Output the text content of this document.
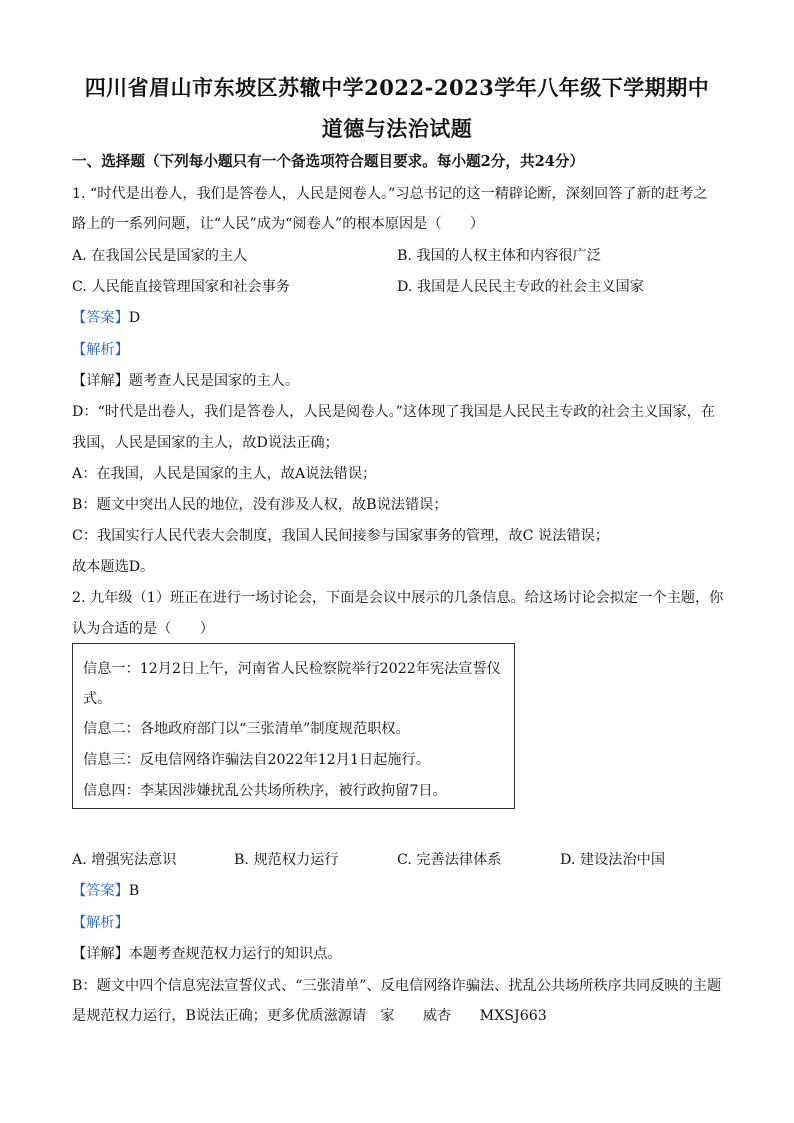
四川省眉山市东坡区苏辙中学2022-2023学年八年级下学期期中
道德与法治试题
一、选择题（下列每小题只有一个备选项符合题目要求。每小题2分，共24分）
1. “时代是出卷人，我们是答卷人，人民是阅卷人。”习总书记的这一精辟论断，深刻回答了新的赶考之
路上的一系列问题，让“人民”成为“阅卷人”的根本原因是（　　）
A. 在我国公民是国家的主人	B. 我国的人权主体和内容很广泛
C. 人民能直接管理国家和社会事务	D. 我国是人民民主专政的社会主义国家
【答案】D
【解析】
【详解】题考查人民是国家的主人。
D：“时代是出卷人，我们是答卷人，人民是阅卷人。”这体现了我国是人民民主专政的社会主义国家，在
我国，人民是国家的主人，故D说法正确；
A：在我国，人民是国家的主人，故A说法错误；
B：题文中突出人民的地位，没有涉及人权，故B说法错误；
C：我国实行人民代表大会制度，我国人民间接参与国家事务的管理，故C 说法错误；
故本题选D。
2. 九年级（1）班正在进行一场讨论会，下面是会议中展示的几条信息。给这场讨论会拟定一个主题，你
认为合适的是（　　）
信息一：12月2日上午，河南省人民检察院举行2022年宪法宣誓仪
式。
信息二：各地政府部门以“三张清单”制度规范职权。
信息三：反电信网络诈骗法自2022年12月1日起施行。
信息四：李某因涉嫌扰乱公共场所秩序，被行政拘留7日。
A. 增强宪法意识	B. 规范权力运行	C. 完善法律体系	D. 建设法治中国
【答案】B
【解析】
【详解】本题考查规范权力运行的知识点。
B：题文中四个信息宪法宣誓仪式、“三张清单”、反电信网络诈骗法、扰乱公共场所秩序共同反映的主题
是规范权力运行，B说法正确；更多优质滋源请　家　　威杏　　MXSJ663
